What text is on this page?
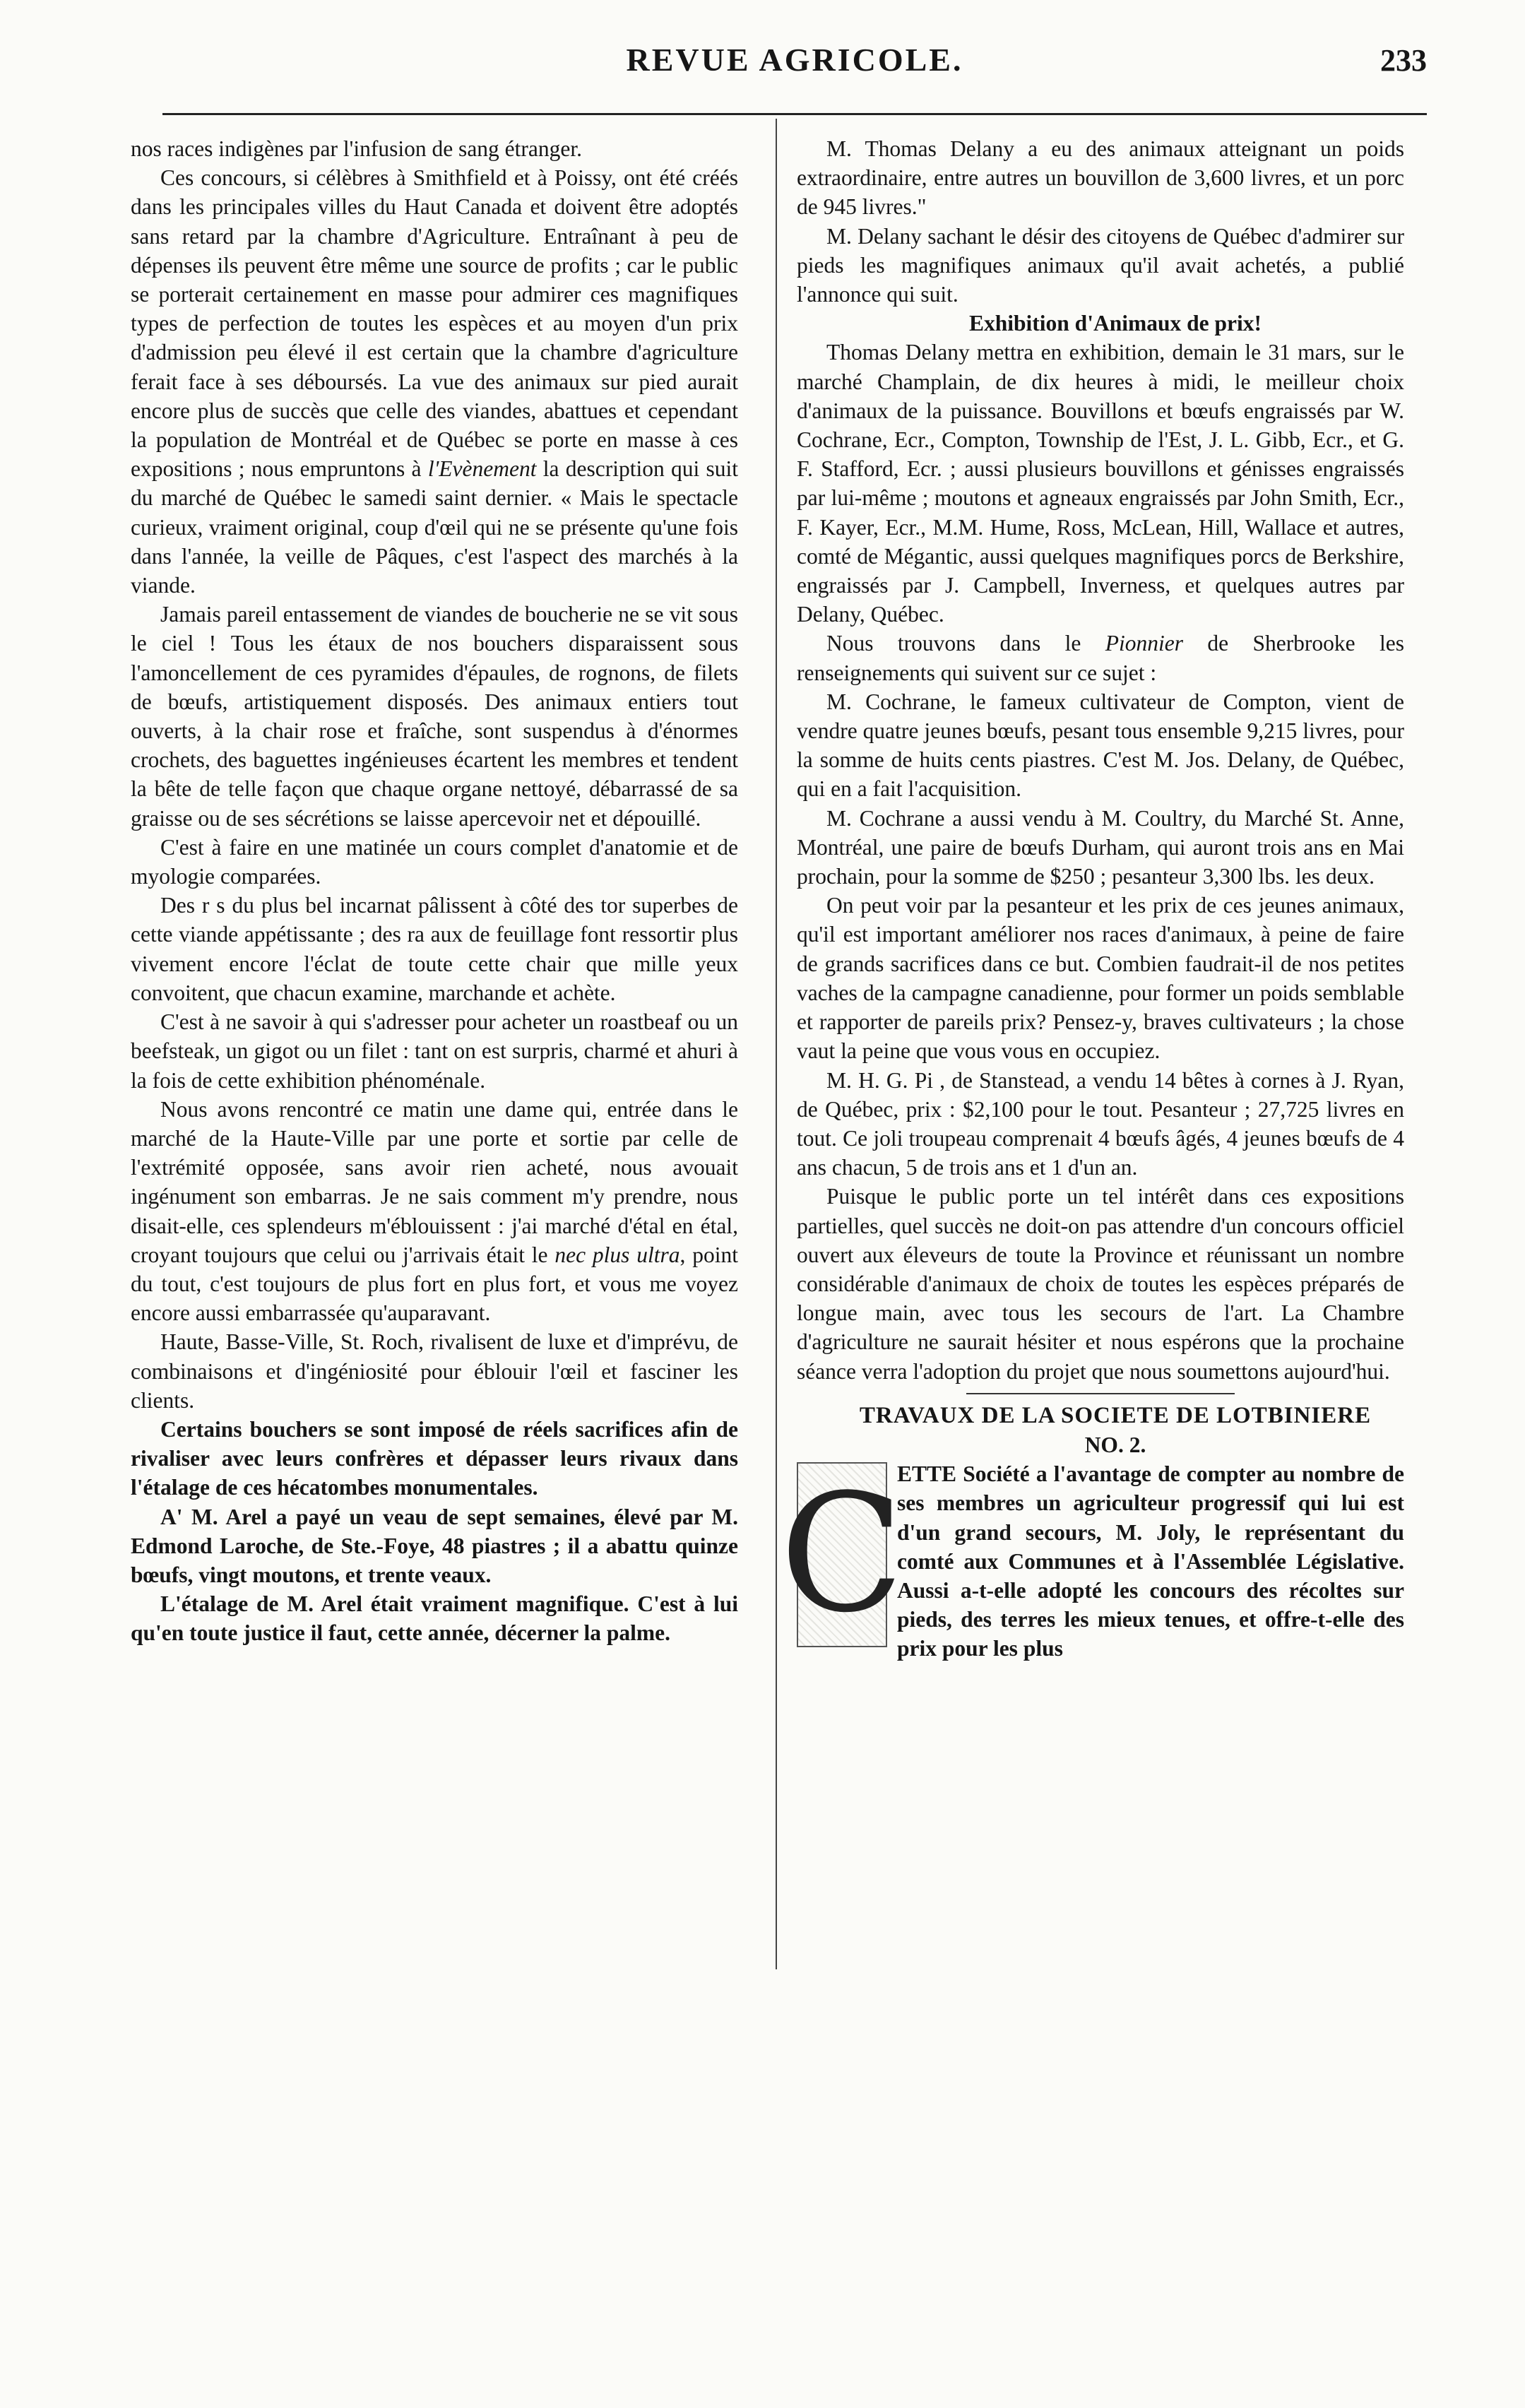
REVUE AGRICOLE.	233

nos races indigènes par l'infusion de sang étranger.

Ces concours, si célèbres à Smithfield et à Poissy, ont été créés dans les principales villes du Haut Canada et doivent être adoptés sans retard par la chambre d'Agriculture. Entraînant à peu de dépenses ils peuvent être même une source de profits ; car le public se porterait certainement en masse pour admirer ces magnifiques types de perfection de toutes les espèces et au moyen d'un prix d'admission peu élevé il est certain que la chambre d'agriculture ferait face à ses déboursés. La vue des animaux sur pied aurait encore plus de succès que celle des viandes, abattues et cependant la population de Montréal et de Québec se porte en masse à ces expositions ; nous empruntons à l'Evènement la description qui suit du marché de Québec le samedi saint dernier. « Mais le spectacle curieux, vraiment original, coup d'œil qui ne se présente qu'une fois dans l'année, la veille de Pâques, c'est l'aspect des marchés à la viande.

Jamais pareil entassement de viandes de boucherie ne se vit sous le ciel ! Tous les étaux de nos bouchers disparaissent sous l'amoncellement de ces pyramides d'épaules, de rognons, de filets de bœufs, artistiquement disposés. Des animaux entiers tout ouverts, à la chair rose et fraîche, sont suspendus à d'énormes crochets, des baguettes ingénieuses écartent les membres et tendent la bête de telle façon que chaque organe nettoyé, débarrassé de sa graisse ou de ses sécrétions se laisse apercevoir net et dépouillé.

C'est à faire en une matinée un cours complet d'anatomie et de myologie comparées.

Des r s du plus bel incarnat pâlissent à côté des tor superbes de cette viande appétissante ; des ra aux de feuillage font ressortir plus vivement encore l'éclat de toute cette chair que mille yeux convoitent, que chacun examine, marchande et achète.

C'est à ne savoir à qui s'adresser pour acheter un roastbeaf ou un beefsteak, un gigot ou un filet : tant on est surpris, charmé et ahuri à la fois de cette exhibition phénoménale.

Nous avons rencontré ce matin une dame qui, entrée dans le marché de la Haute-Ville par une porte et sortie par celle de l'extrémité opposée, sans avoir rien acheté, nous avouait ingénument son embarras. Je ne sais comment m'y prendre, nous disait-elle, ces splendeurs m'éblouissent : j'ai marché d'étal en étal, croyant toujours que celui ou j'arrivais était le nec plus ultra, point du tout, c'est toujours de plus fort en plus fort, et vous me voyez encore aussi embarrassée qu'auparavant.

Haute, Basse-Ville, St. Roch, rivalisent de luxe et d'imprévu, de combinaisons et d'ingéniosité pour éblouir l'œil et fasciner les clients.

Certains bouchers se sont imposé de réels sacrifices afin de rivaliser avec leurs confrères et dépasser leurs rivaux dans l'étalage de ces hécatombes monumentales.

A' M. Arel a payé un veau de sept semaines, élevé par M. Edmond Laroche, de Ste.-Foye, 48 piastres ; il a abattu quinze bœufs, vingt moutons, et trente veaux.

L'étalage de M. Arel était vraiment magnifique. C'est à lui qu'en toute justice il faut, cette année, décerner la palme.

M. Thomas Delany a eu des animaux atteignant un poids extraordinaire, entre autres un bouvillon de 3,600 livres, et un porc de 945 livres."

M. Delany sachant le désir des citoyens de Québec d'admirer sur pieds les magnifiques animaux qu'il avait achetés, a publié l'annonce qui suit.

Exhibition d'Animaux de prix!

Thomas Delany mettra en exhibition, demain le 31 mars, sur le marché Champlain, de dix heures à midi, le meilleur choix d'animaux de la puissance. Bouvillons et bœufs engraissés par W. Cochrane, Ecr., Compton, Township de l'Est, J. L. Gibb, Ecr., et G. F. Stafford, Ecr. ; aussi plusieurs bouvillons et génisses engraissés par lui-même ; moutons et agneaux engraissés par John Smith, Ecr., F. Kayer, Ecr., M.M. Hume, Ross, McLean, Hill, Wallace et autres, comté de Mégantic, aussi quelques magnifiques porcs de Berkshire, engraissés par J. Campbell, Inverness, et quelques autres par Delany, Québec.

Nous trouvons dans le Pionnier de Sherbrooke les renseignements qui suivent sur ce sujet :

M. Cochrane, le fameux cultivateur de Compton, vient de vendre quatre jeunes bœufs, pesant tous ensemble 9,215 livres, pour la somme de huits cents piastres. C'est M. Jos. Delany, de Québec, qui en a fait l'acquisition.

M. Cochrane a aussi vendu à M. Coultry, du Marché St. Anne, Montréal, une paire de bœufs Durham, qui auront trois ans en Mai prochain, pour la somme de $250 ; pesanteur 3,300 lbs. les deux.

On peut voir par la pesanteur et les prix de ces jeunes animaux, qu'il est important améliorer nos races d'animaux, à peine de faire de grands sacrifices dans ce but. Combien faudrait-il de nos petites vaches de la campagne canadienne, pour former un poids semblable et rapporter de pareils prix? Pensez-y, braves cultivateurs ; la chose vaut la peine que vous vous en occupiez.

M. H. G. Pi , de Stanstead, a vendu 14 bêtes à cornes à J. Ryan, de Québec, prix : $2,100 pour le tout. Pesanteur ; 27,725 livres en tout. Ce joli troupeau comprenait 4 bœufs âgés, 4 jeunes bœufs de 4 ans chacun, 5 de trois ans et 1 d'un an.

Puisque le public porte un tel intérêt dans ces expositions partielles, quel succès ne doit-on pas attendre d'un concours officiel ouvert aux éleveurs de toute la Province et réunissant un nombre considérable d'animaux de choix de toutes les espèces préparés de longue main, avec tous les secours de l'art. La Chambre d'agriculture ne saurait hésiter et nous espérons que la prochaine séance verra l'adoption du projet que nous soumettons aujourd'hui.

TRAVAUX DE LA SOCIETE DE LOTBINIERE

NO. 2.

C

ETTE Société a l'avantage de compter au nombre de ses membres un agriculteur progressif qui lui est d'un grand secours, M. Joly, le représentant du comté aux Communes et à l'Assemblée Législative. Aussi a-t-elle adopté les concours des récoltes sur pieds, des terres les mieux tenues, et offre-t-elle des prix pour les plus
